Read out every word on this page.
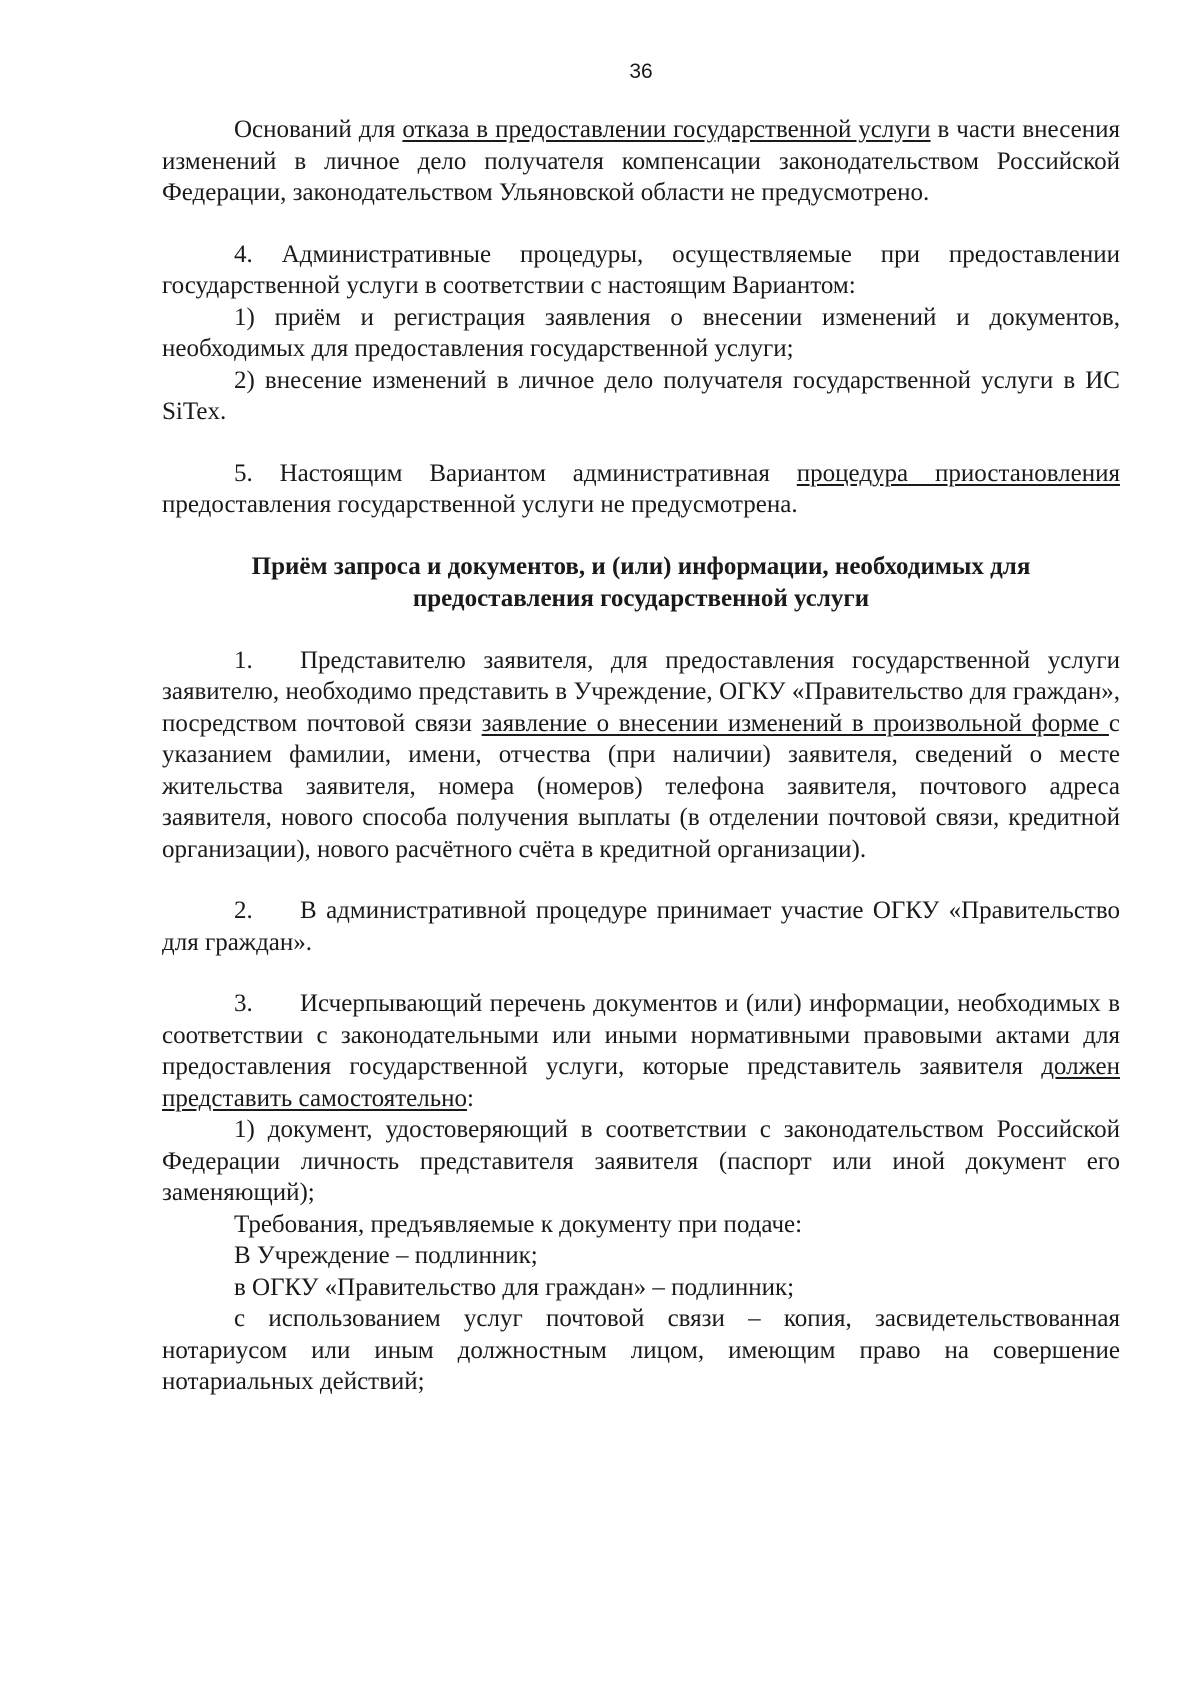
36

Оснований для отказа в предоставлении государственной услуги в части внесения изменений в личное дело получателя компенсации законодательством Российской Федерации, законодательством Ульяновской области не предусмотрено.

4. Административные процедуры, осуществляемые при предоставлении государственной услуги в соответствии с настоящим Вариантом:

1) приём и регистрация заявления о внесении изменений и документов, необходимых для предоставления государственной услуги;

2) внесение изменений в личное дело получателя государственной услуги в ИС SiTex.

5. Настоящим Вариантом административная процедура приостановления предоставления государственной услуги не предусмотрена.

Приём запроса и документов, и (или) информации, необходимых для предоставления государственной услуги

1. Представителю заявителя, для предоставления государственной услуги заявителю, необходимо представить в Учреждение, ОГКУ «Правительство для граждан», посредством почтовой связи заявление о внесении изменений в произвольной форме с указанием фамилии, имени, отчества (при наличии) заявителя, сведений о месте жительства заявителя, номера (номеров) телефона заявителя, почтового адреса заявителя, нового способа получения выплаты (в отделении почтовой связи, кредитной организации), нового расчётного счёта в кредитной организации).

2. В административной процедуре принимает участие ОГКУ «Правительство для граждан».

3. Исчерпывающий перечень документов и (или) информации, необходимых в соответствии с законодательными или иными нормативными правовыми актами для предоставления государственной услуги, которые представитель заявителя должен представить самостоятельно:

1) документ, удостоверяющий в соответствии с законодательством Российской Федерации личность представителя заявителя (паспорт или иной документ его заменяющий);

Требования, предъявляемые к документу при подаче:

В Учреждение – подлинник;

в ОГКУ «Правительство для граждан» – подлинник;

с использованием услуг почтовой связи – копия, засвидетельствованная нотариусом или иным должностным лицом, имеющим право на совершение нотариальных действий;
